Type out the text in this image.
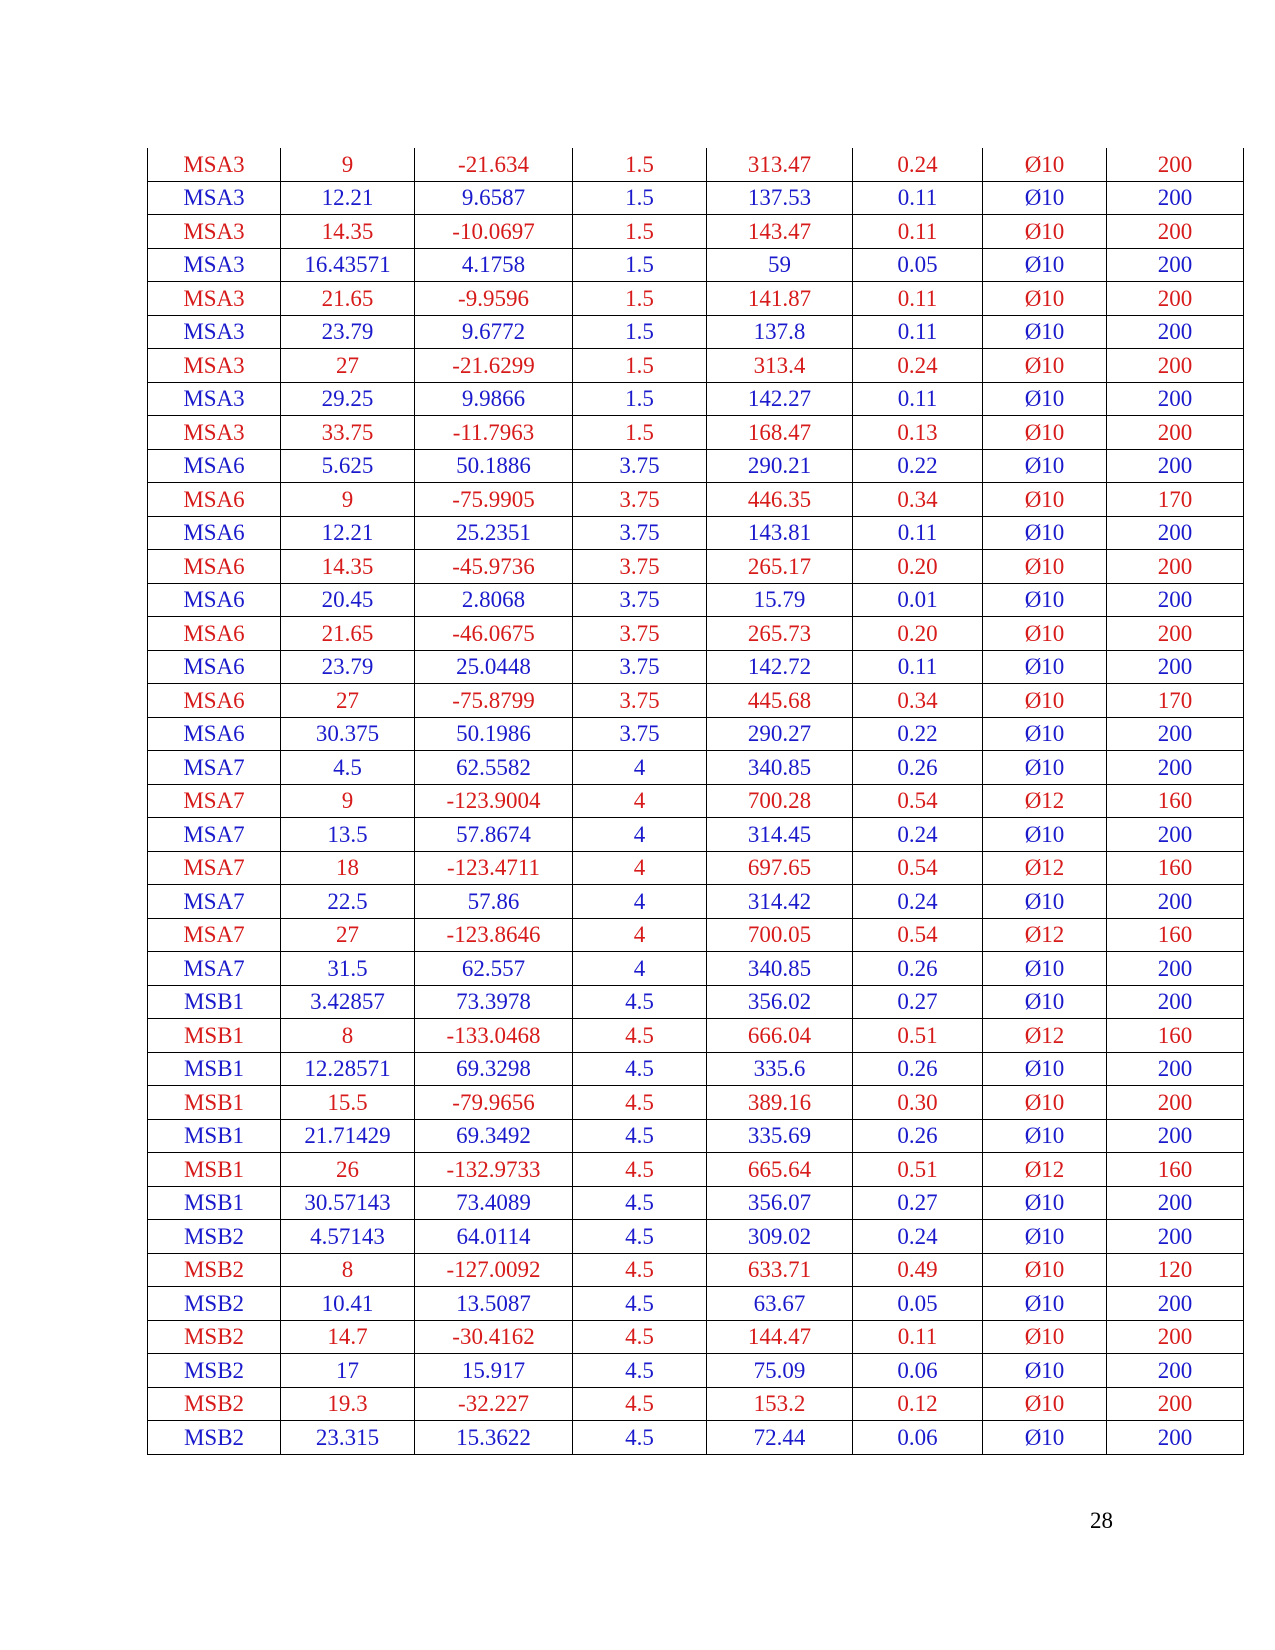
MSA3	9	-21.634	1.5	313.47	0.24	Ø10	200
MSA3	12.21	9.6587	1.5	137.53	0.11	Ø10	200
MSA3	14.35	-10.0697	1.5	143.47	0.11	Ø10	200
MSA3	16.43571	4.1758	1.5	59	0.05	Ø10	200
MSA3	21.65	-9.9596	1.5	141.87	0.11	Ø10	200
MSA3	23.79	9.6772	1.5	137.8	0.11	Ø10	200
MSA3	27	-21.6299	1.5	313.4	0.24	Ø10	200
MSA3	29.25	9.9866	1.5	142.27	0.11	Ø10	200
MSA3	33.75	-11.7963	1.5	168.47	0.13	Ø10	200
MSA6	5.625	50.1886	3.75	290.21	0.22	Ø10	200
MSA6	9	-75.9905	3.75	446.35	0.34	Ø10	170
MSA6	12.21	25.2351	3.75	143.81	0.11	Ø10	200
MSA6	14.35	-45.9736	3.75	265.17	0.20	Ø10	200
MSA6	20.45	2.8068	3.75	15.79	0.01	Ø10	200
MSA6	21.65	-46.0675	3.75	265.73	0.20	Ø10	200
MSA6	23.79	25.0448	3.75	142.72	0.11	Ø10	200
MSA6	27	-75.8799	3.75	445.68	0.34	Ø10	170
MSA6	30.375	50.1986	3.75	290.27	0.22	Ø10	200
MSA7	4.5	62.5582	4	340.85	0.26	Ø10	200
MSA7	9	-123.9004	4	700.28	0.54	Ø12	160
MSA7	13.5	57.8674	4	314.45	0.24	Ø10	200
MSA7	18	-123.4711	4	697.65	0.54	Ø12	160
MSA7	22.5	57.86	4	314.42	0.24	Ø10	200
MSA7	27	-123.8646	4	700.05	0.54	Ø12	160
MSA7	31.5	62.557	4	340.85	0.26	Ø10	200
MSB1	3.42857	73.3978	4.5	356.02	0.27	Ø10	200
MSB1	8	-133.0468	4.5	666.04	0.51	Ø12	160
MSB1	12.28571	69.3298	4.5	335.6	0.26	Ø10	200
MSB1	15.5	-79.9656	4.5	389.16	0.30	Ø10	200
MSB1	21.71429	69.3492	4.5	335.69	0.26	Ø10	200
MSB1	26	-132.9733	4.5	665.64	0.51	Ø12	160
MSB1	30.57143	73.4089	4.5	356.07	0.27	Ø10	200
MSB2	4.57143	64.0114	4.5	309.02	0.24	Ø10	200
MSB2	8	-127.0092	4.5	633.71	0.49	Ø10	120
MSB2	10.41	13.5087	4.5	63.67	0.05	Ø10	200
MSB2	14.7	-30.4162	4.5	144.47	0.11	Ø10	200
MSB2	17	15.917	4.5	75.09	0.06	Ø10	200
MSB2	19.3	-32.227	4.5	153.2	0.12	Ø10	200
MSB2	23.315	15.3622	4.5	72.44	0.06	Ø10	200
28
